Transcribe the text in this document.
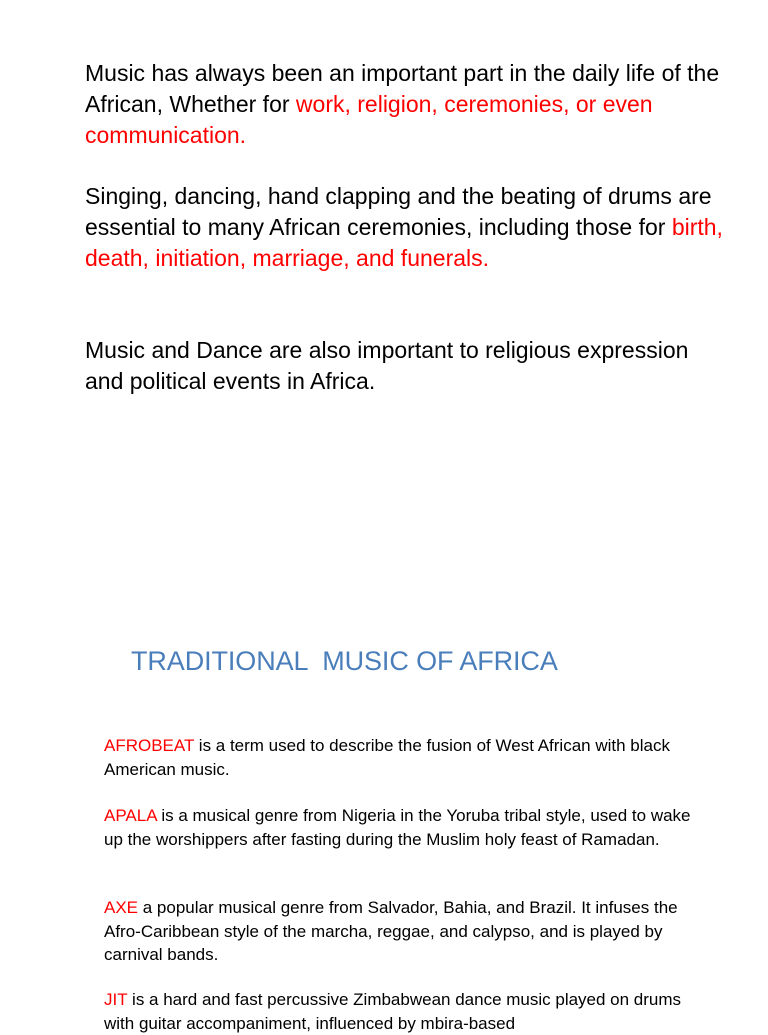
Music has always been an important part in the daily life of the African, Whether for work, religion, ceremonies, or even communication.

Singing, dancing, hand clapping and the beating of drums are essential to many African ceremonies, including those for birth, death, initiation, marriage, and funerals.

Music and Dance are also important to religious expression and political events in Africa.

TRADITIONAL  MUSIC OF AFRICA

AFROBEAT is a term used to describe the fusion of West African with black American music.

APALA is a musical genre from Nigeria in the Yoruba tribal style, used to wake up the worshippers after fasting during the Muslim holy feast of Ramadan.

AXE a popular musical genre from Salvador, Bahia, and Brazil. It infuses the Afro-Caribbean style of the marcha, reggae, and calypso, and is played by carnival bands.

JIT is a hard and fast percussive Zimbabwean dance music played on drums with guitar accompaniment, influenced by mbira-based
